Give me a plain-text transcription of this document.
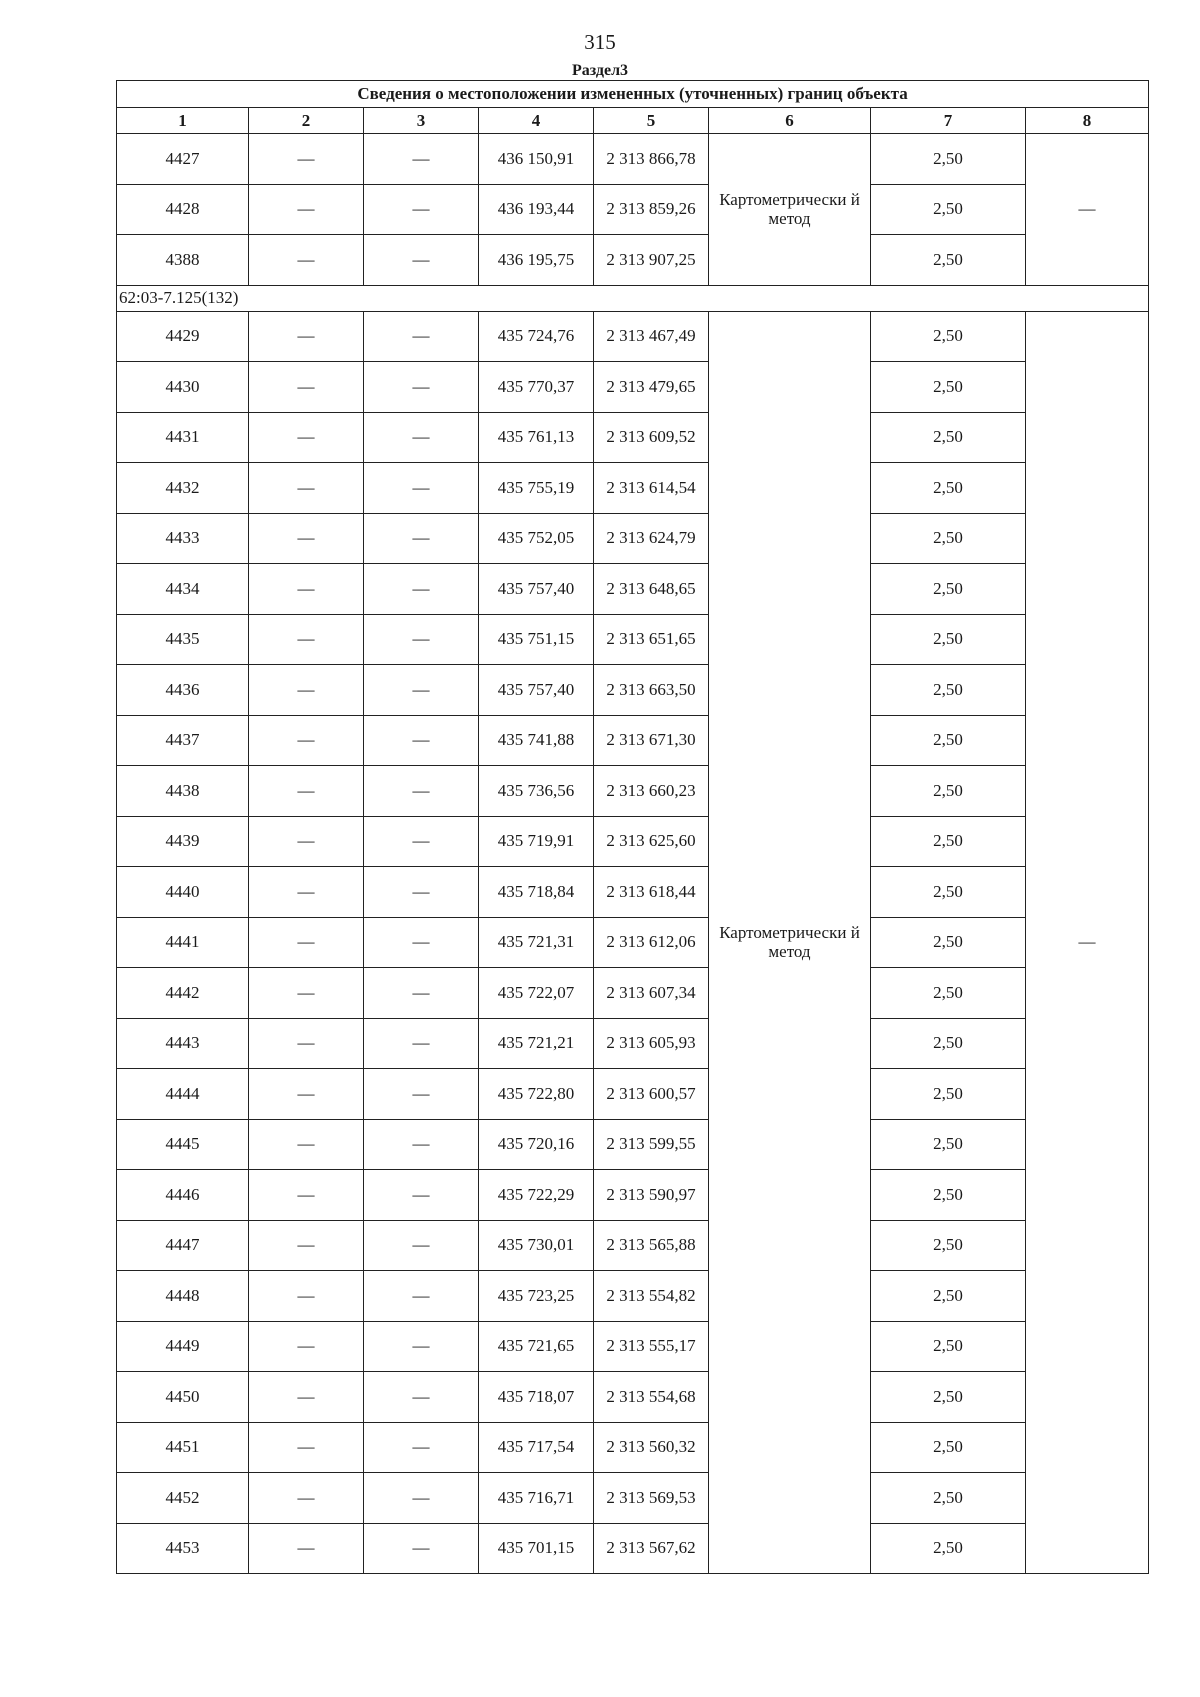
315
Раздел3
Сведения о местоположении измененных (уточненных) границ объекта							
1	2	3	4	5	6	7	8
4427	—	—	436 150,91	2 313 866,78	Картометрически й метод	2,50	—
4428	—	—	436 193,44	2 313 859,26		2,50	
4388	—	—	436 195,75	2 313 907,25		2,50	
62:03-7.125(132)							
4429	—	—	435 724,76	2 313 467,49	Картометрически й метод	2,50	—
4430	—	—	435 770,37	2 313 479,65		2,50	
4431	—	—	435 761,13	2 313 609,52		2,50	
4432	—	—	435 755,19	2 313 614,54		2,50	
4433	—	—	435 752,05	2 313 624,79		2,50	
4434	—	—	435 757,40	2 313 648,65		2,50	
4435	—	—	435 751,15	2 313 651,65		2,50	
4436	—	—	435 757,40	2 313 663,50		2,50	
4437	—	—	435 741,88	2 313 671,30		2,50	
4438	—	—	435 736,56	2 313 660,23		2,50	
4439	—	—	435 719,91	2 313 625,60		2,50	
4440	—	—	435 718,84	2 313 618,44		2,50	
4441	—	—	435 721,31	2 313 612,06		2,50	
4442	—	—	435 722,07	2 313 607,34		2,50	
4443	—	—	435 721,21	2 313 605,93		2,50	
4444	—	—	435 722,80	2 313 600,57		2,50	
4445	—	—	435 720,16	2 313 599,55		2,50	
4446	—	—	435 722,29	2 313 590,97		2,50	
4447	—	—	435 730,01	2 313 565,88		2,50	
4448	—	—	435 723,25	2 313 554,82		2,50	
4449	—	—	435 721,65	2 313 555,17		2,50	
4450	—	—	435 718,07	2 313 554,68		2,50	
4451	—	—	435 717,54	2 313 560,32		2,50	
4452	—	—	435 716,71	2 313 569,53		2,50	
4453	—	—	435 701,15	2 313 567,62		2,50	
